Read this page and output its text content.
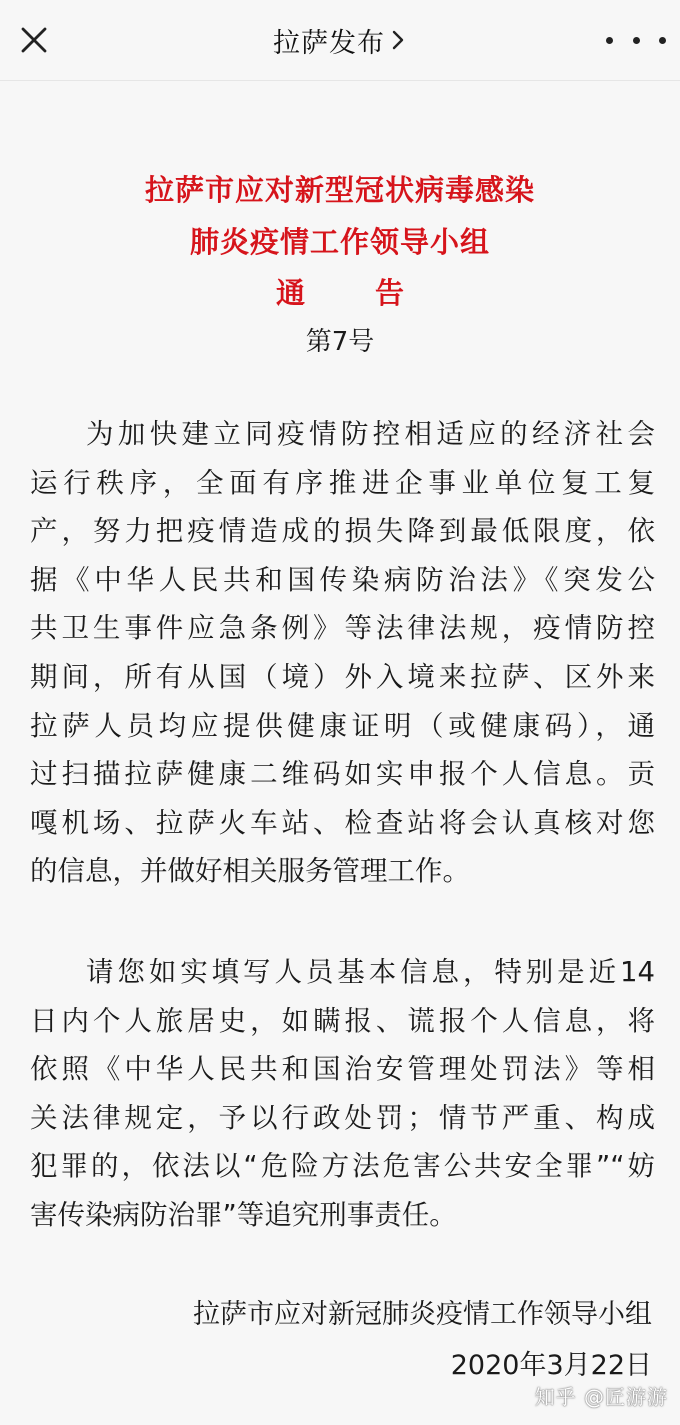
拉萨发布
拉萨市应对新型冠状病毒感染
肺炎疫情工作领导小组
通告
第7号
为加快建立同疫情防控相适应的经济社会
运行秩序，全面有序推进企事业单位复工复
产，努力把疫情造成的损失降到最低限度，依
据《中华人民共和国传染病防治法》《突发公
共卫生事件应急条例》等法律法规，疫情防控
期间，所有从国（境）外入境来拉萨、区外来
拉萨人员均应提供健康证明（或健康码），通
过扫描拉萨健康二维码如实申报个人信息。贡
嘎机场、拉萨火车站、检查站将会认真核对您
的信息，并做好相关服务管理工作。
请您如实填写人员基本信息，特别是近14
日内个人旅居史，如瞒报、谎报个人信息，将
依照《中华人民共和国治安管理处罚法》等相
关法律规定，予以行政处罚；情节严重、构成
犯罪的，依法以“危险方法危害公共安全罪”“妨
害传染病防治罪”等追究刑事责任。
拉萨市应对新冠肺炎疫情工作领导小组
2020年3月22日
知乎 @匠游游
